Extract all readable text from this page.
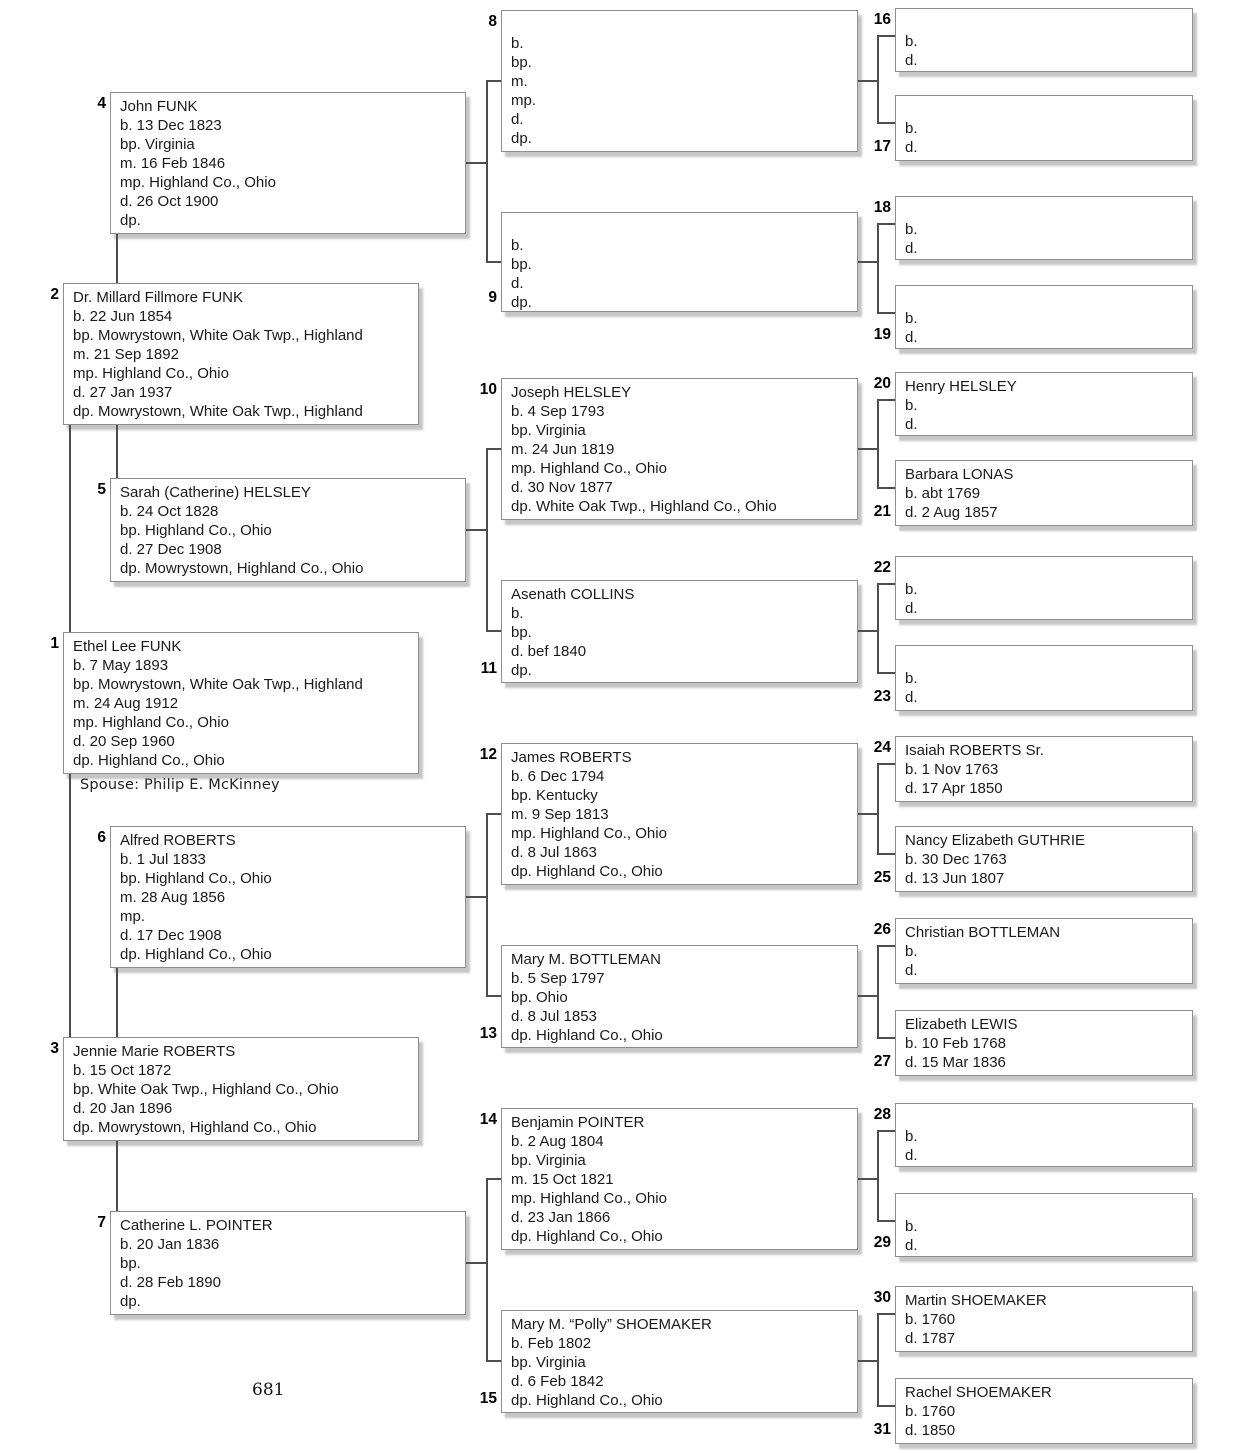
Ethel Lee FUNK
b. 7 May 1893
bp. Mowrystown, White Oak Twp., Highland
m. 24 Aug 1912
mp. Highland Co., Ohio
d. 20 Sep 1960
dp. Highland Co., Ohio
1
Dr. Millard Fillmore FUNK
b. 22 Jun 1854
bp. Mowrystown, White Oak Twp., Highland
m. 21 Sep 1892
mp. Highland Co., Ohio
d. 27 Jan 1937
dp. Mowrystown, White Oak Twp., Highland
2
Jennie Marie ROBERTS
b. 15 Oct 1872
bp. White Oak Twp., Highland Co., Ohio
d. 20 Jan 1896
dp. Mowrystown, Highland Co., Ohio
3
John FUNK
b. 13 Dec 1823
bp. Virginia
m. 16 Feb 1846
mp. Highland Co., Ohio
d. 26 Oct 1900
dp.
4
Sarah (Catherine) HELSLEY
b. 24 Oct 1828
bp. Highland Co., Ohio
d. 27 Dec 1908
dp. Mowrystown, Highland Co., Ohio
5
Alfred ROBERTS
b. 1 Jul 1833
bp. Highland Co., Ohio
m. 28 Aug 1856
mp.
d. 17 Dec 1908
dp. Highland Co., Ohio
6
Catherine L. POINTER
b. 20 Jan 1836
bp.
d. 28 Feb 1890
dp.
7
b.
bp.
m.
mp.
d.
dp.
8
b.
bp.
d.
dp.
9
Joseph HELSLEY
b. 4 Sep 1793
bp. Virginia
m. 24 Jun 1819
mp. Highland Co., Ohio
d. 30 Nov 1877
dp. White Oak Twp., Highland Co., Ohio
10
Asenath COLLINS
b.
bp.
d. bef 1840
dp.
11
James ROBERTS
b. 6 Dec 1794
bp. Kentucky
m. 9 Sep 1813
mp. Highland Co., Ohio
d. 8 Jul 1863
dp. Highland Co., Ohio
12
Mary M. BOTTLEMAN
b. 5 Sep 1797
bp. Ohio
d. 8 Jul 1853
dp. Highland Co., Ohio
13
Benjamin POINTER
b. 2 Aug 1804
bp. Virginia
m. 15 Oct 1821
mp. Highland Co., Ohio
d. 23 Jan 1866
dp. Highland Co., Ohio
14
Mary M. “Polly” SHOEMAKER
b. Feb 1802
bp. Virginia
d. 6 Feb 1842
dp. Highland Co., Ohio
15
b.
d.
16
b.
d.
17
b.
d.
18
b.
d.
19
Henry HELSLEY
b.
d.
20
Barbara LONAS
b. abt 1769
d. 2 Aug 1857
21
b.
d.
22
b.
d.
23
Isaiah ROBERTS Sr.
b. 1 Nov 1763
d. 17 Apr 1850
24
Nancy Elizabeth GUTHRIE
b. 30 Dec 1763
d. 13 Jun 1807
25
Christian BOTTLEMAN
b.
d.
26
Elizabeth LEWIS
b. 10 Feb 1768
d. 15 Mar 1836
27
b.
d.
28
b.
d.
29
Martin SHOEMAKER
b. 1760
d. 1787
30
Rachel SHOEMAKER
b. 1760
d. 1850
31
Spouse: Philip E. McKinney
681
